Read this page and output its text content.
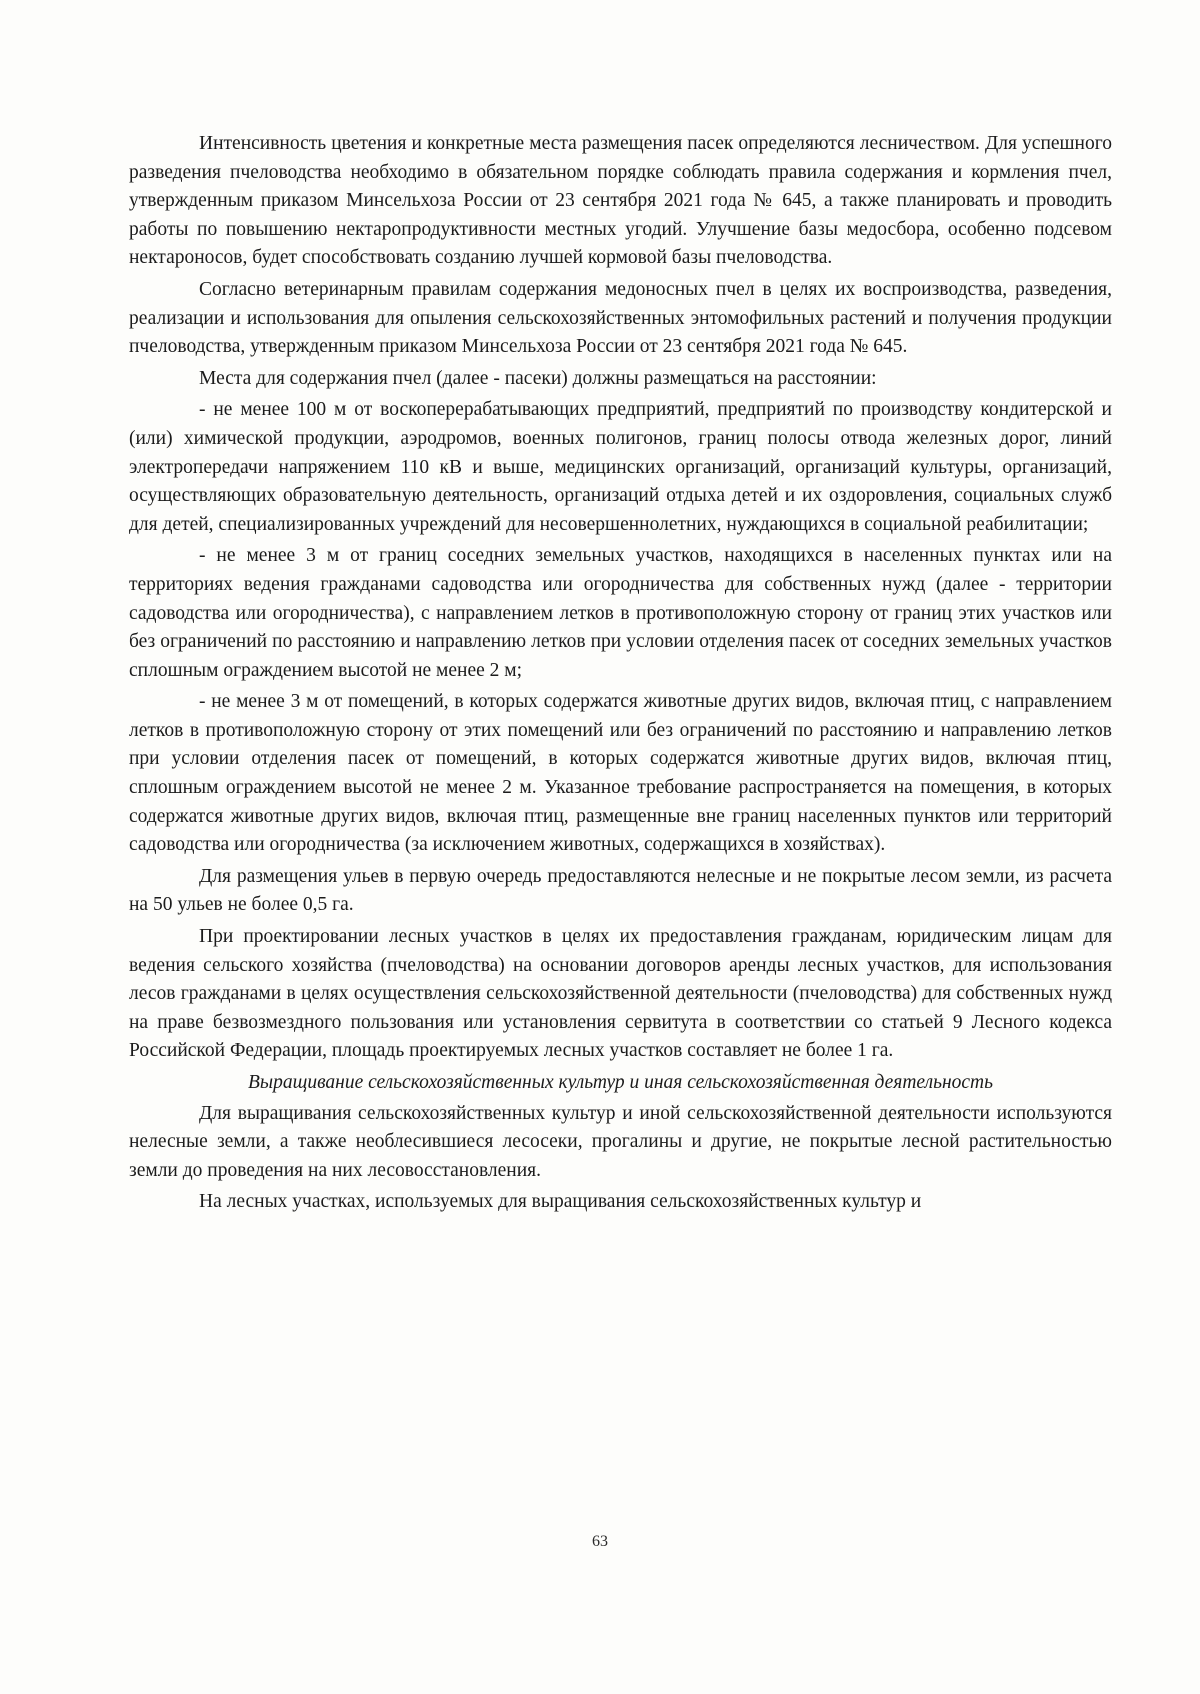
Интенсивность цветения и конкретные места размещения пасек определяются лесничеством. Для успешного разведения пчеловодства необходимо в обязательном порядке соблюдать правила содержания и кормления пчел, утвержденным приказом Минсельхоза России от 23 сентября 2021 года № 645, а также планировать и проводить работы по повышению нектаропродуктивности местных угодий. Улучшение базы медосбора, особенно подсевом нектароносов, будет способствовать созданию лучшей кормовой базы пчеловодства.

Согласно ветеринарным правилам содержания медоносных пчел в целях их воспроизводства, разведения, реализации и использования для опыления сельскохозяйственных энтомофильных растений и получения продукции пчеловодства, утвержденным приказом Минсельхоза России от 23 сентября 2021 года № 645.

Места для содержания пчел (далее - пасеки) должны размещаться на расстоянии:

- не менее 100 м от воскоперерабатывающих предприятий, предприятий по производству кондитерской и (или) химической продукции, аэродромов, военных полигонов, границ полосы отвода железных дорог, линий электропередачи напряжением 110 кВ и выше, медицинских организаций, организаций культуры, организаций, осуществляющих образовательную деятельность, организаций отдыха детей и их оздоровления, социальных служб для детей, специализированных учреждений для несовершеннолетних, нуждающихся в социальной реабилитации;

- не менее 3 м от границ соседних земельных участков, находящихся в населенных пунктах или на территориях ведения гражданами садоводства или огородничества для собственных нужд (далее - территории садоводства или огородничества), с направлением летков в противоположную сторону от границ этих участков или без ограничений по расстоянию и направлению летков при условии отделения пасек от соседних земельных участков сплошным ограждением высотой не менее 2 м;

- не менее 3 м от помещений, в которых содержатся животные других видов, включая птиц, с направлением летков в противоположную сторону от этих помещений или без ограничений по расстоянию и направлению летков при условии отделения пасек от помещений, в которых содержатся животные других видов, включая птиц, сплошным ограждением высотой не менее 2 м. Указанное требование распространяется на помещения, в которых содержатся животные других видов, включая птиц, размещенные вне границ населенных пунктов или территорий садоводства или огородничества (за исключением животных, содержащихся в хозяйствах).

Для размещения ульев в первую очередь предоставляются нелесные и не покрытые лесом земли, из расчета на 50 ульев не более 0,5 га.

При проектировании лесных участков в целях их предоставления гражданам, юридическим лицам для ведения сельского хозяйства (пчеловодства) на основании договоров аренды лесных участков, для использования лесов гражданами в целях осуществления сельскохозяйственной деятельности (пчеловодства) для собственных нужд на праве безвозмездного пользования или установления сервитута в соответствии со статьей 9 Лесного кодекса Российской Федерации, площадь проектируемых лесных участков составляет не более 1 га.

Выращивание сельскохозяйственных культур и иная сельскохозяйственная деятельность

Для выращивания сельскохозяйственных культур и иной сельскохозяйственной деятельности используются нелесные земли, а также необлесившиеся лесосеки, прогалины и другие, не покрытые лесной растительностью земли до проведения на них лесовосстановления.

На лесных участках, используемых для выращивания сельскохозяйственных культур и

63
